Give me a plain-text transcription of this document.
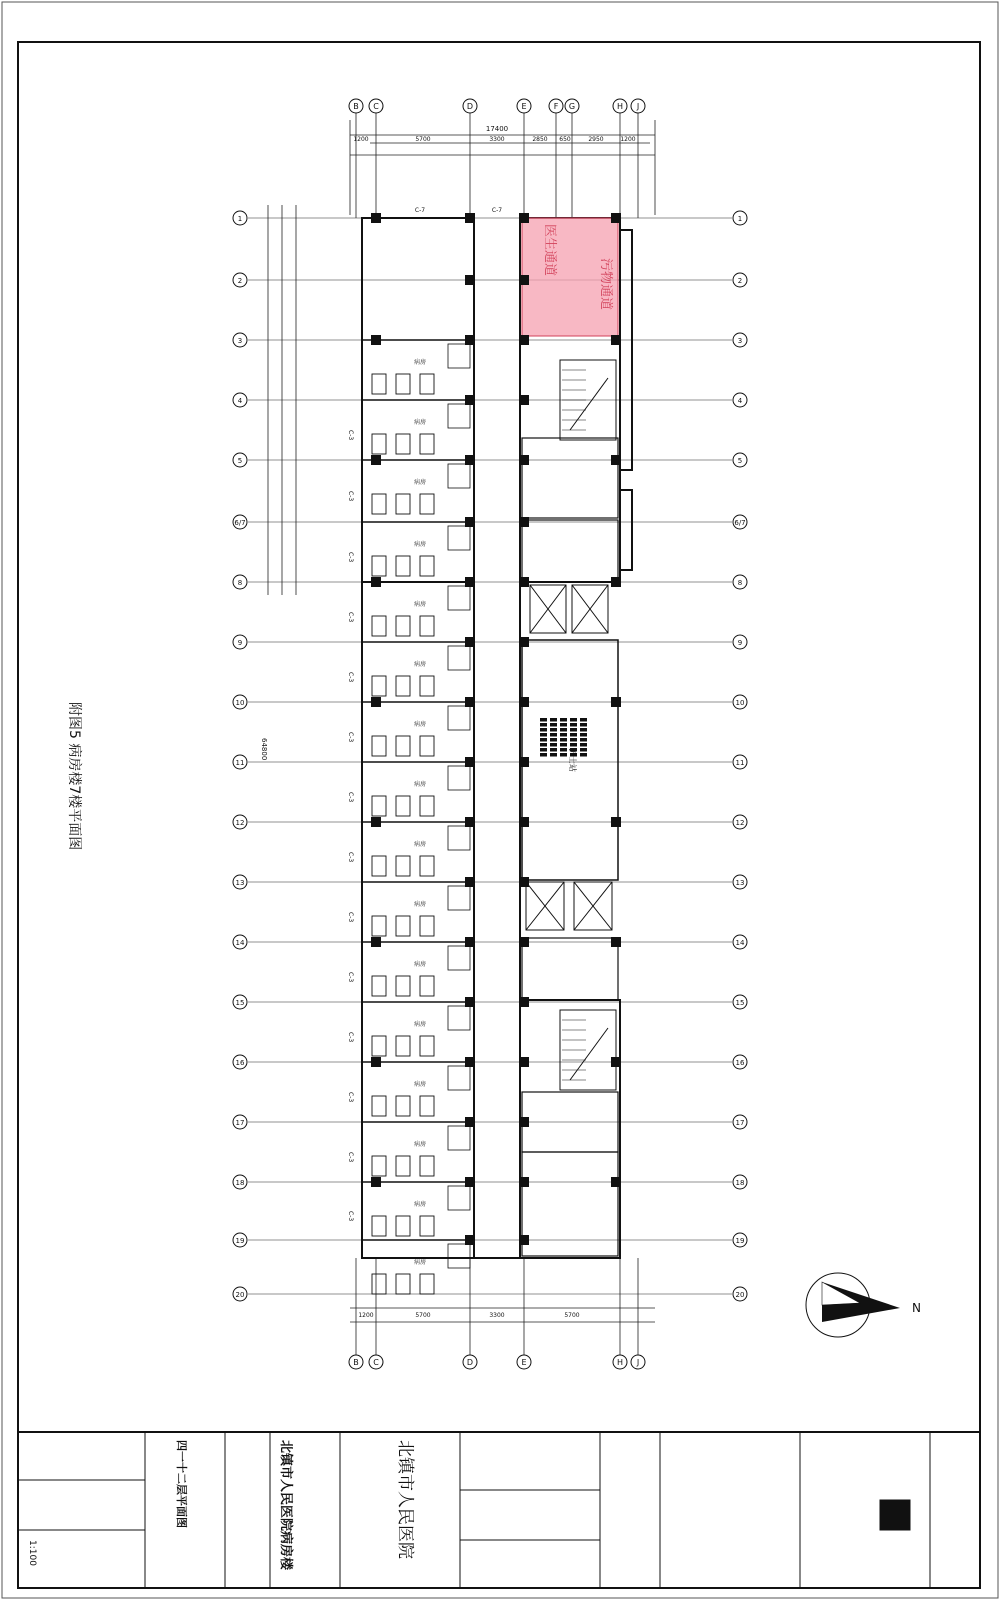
17400
1200	5700	3300	2850 650	2950	1200
1200	5700	3300	5700
B C	D	E	F G	H J
B C	D	E	H J
1	1
2	2
3	3
4	4
5	5
6/7	6/7
8	8
9	9
10	10
11	11
12	12
13	13
14	14
15	15
16	16
17	17
18	18
19	19
20	20
64800
病房
病房
病房
病房
病房
病房
病房
病房
病房
病房
病房
病房
病房
病房
病房
病房
医生通道
污物通道
护士站
C-3
C-3
C-3
C-3
C-3
C-3
C-3
C-3
C-3
C-3
C-3
C-3
C-3
C-3
C-7	C-7
N
四一十二层平面图	北镇市人民医院病房楼	北镇市人民医院
1:100
附图5 病房楼7楼平面图
